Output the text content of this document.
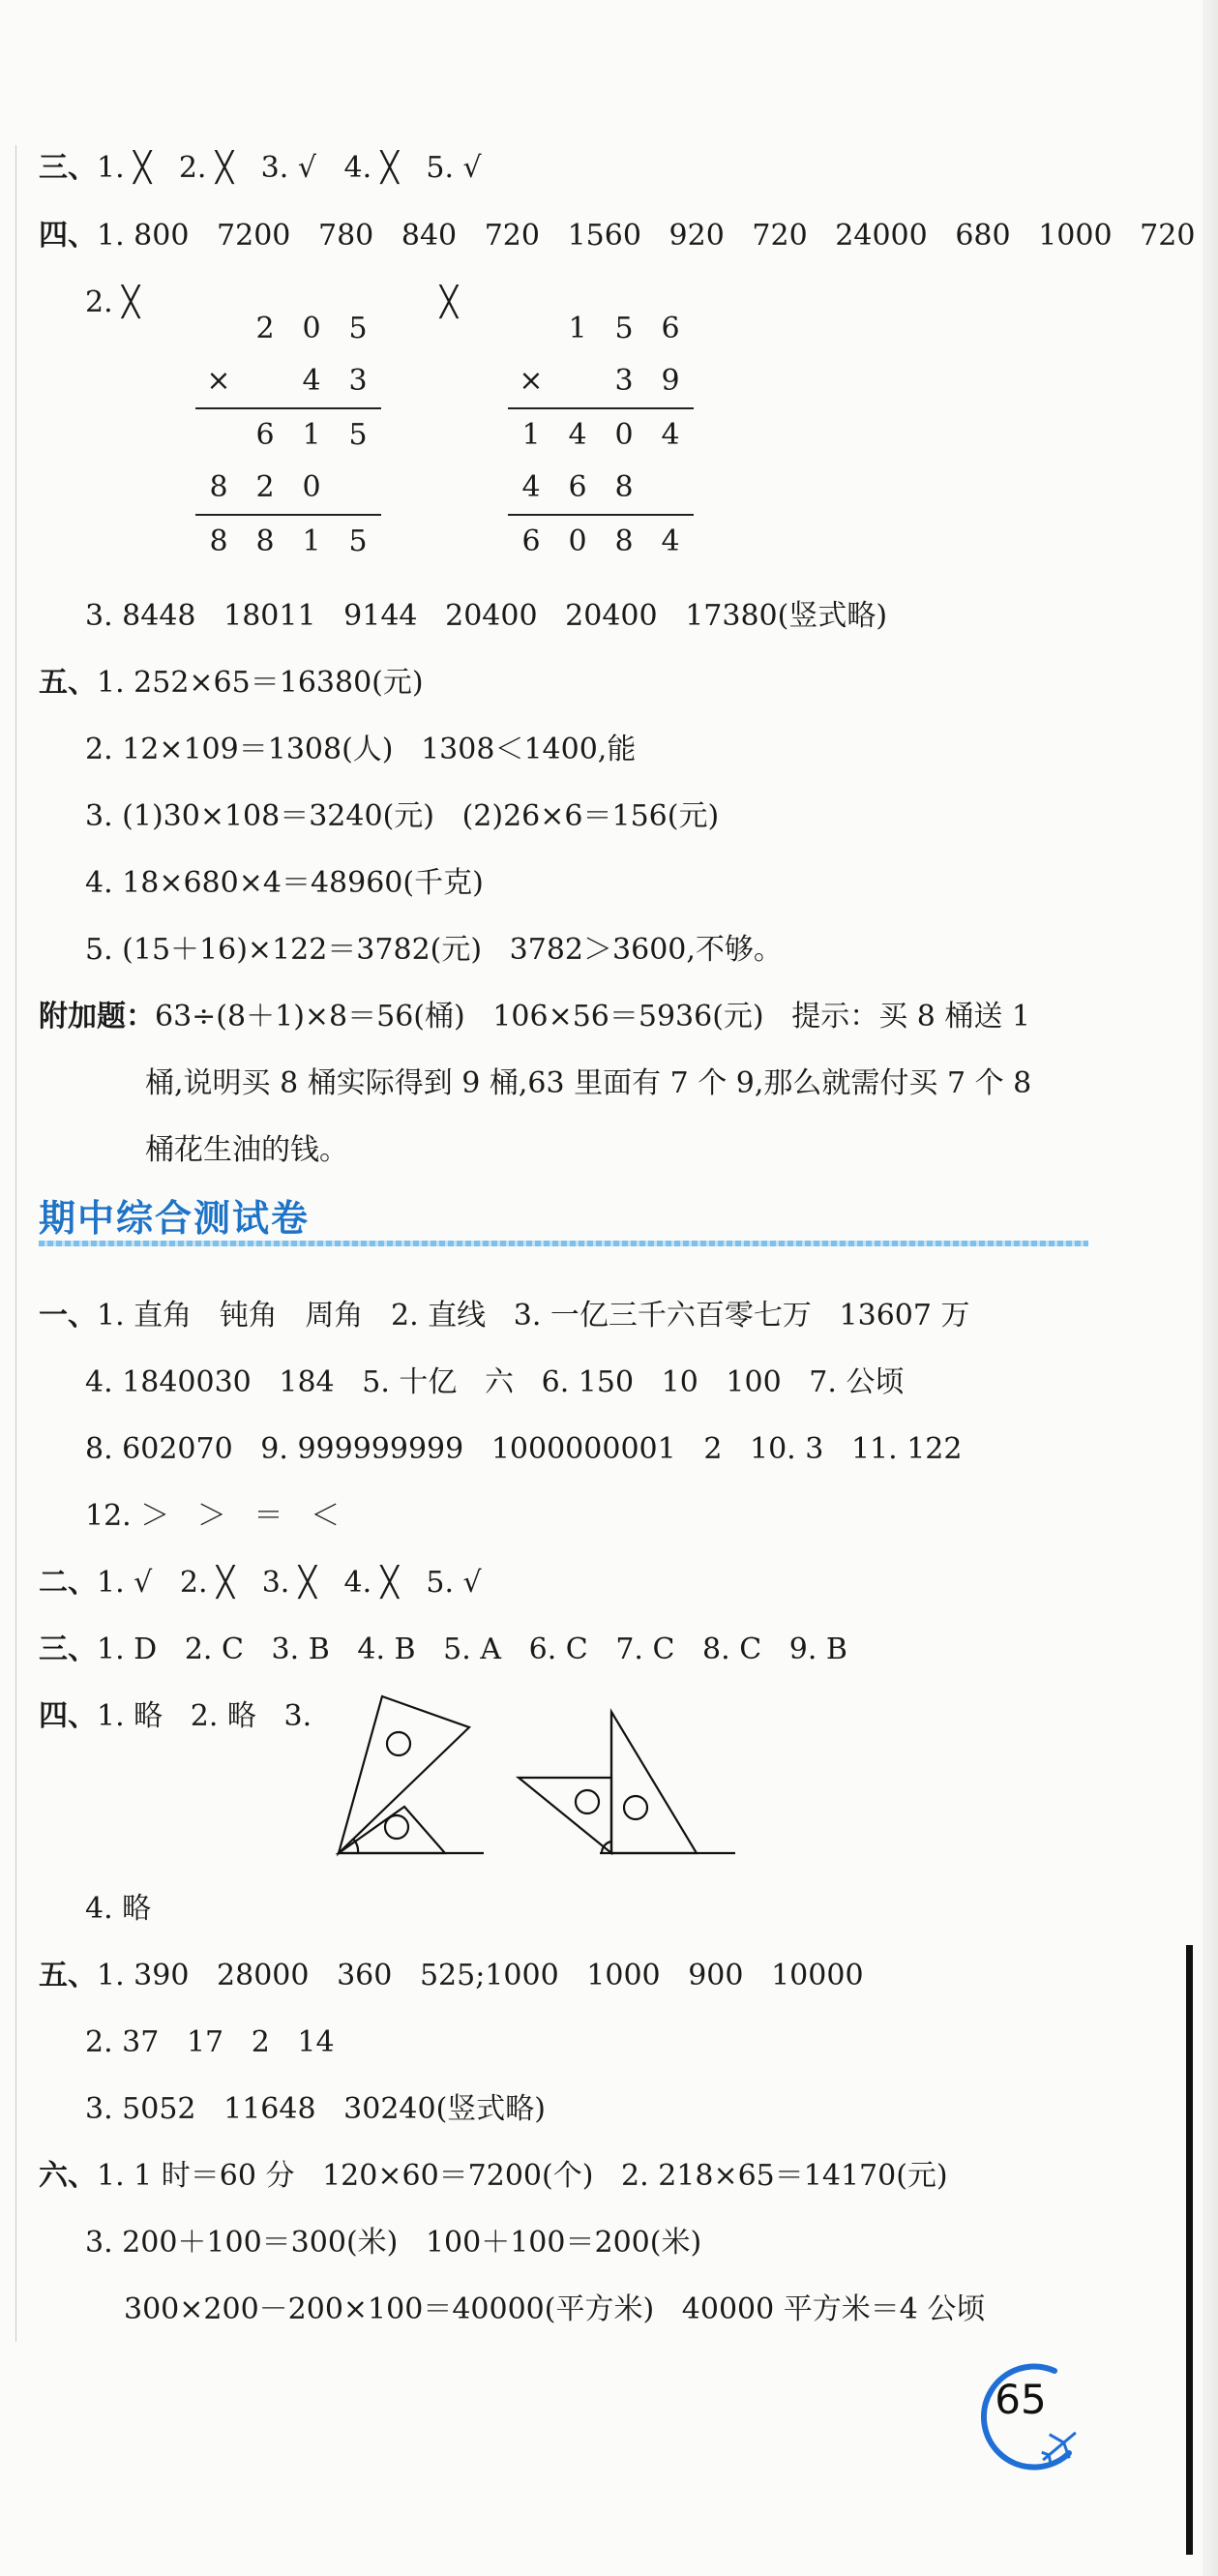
三、1. ╳   2. ╳   3. √   4. ╳   5. √
四、1. 800   7200   780   840   720   1560   920   720   24000   680   1000   720
2. ╳	╳
2 0 5
×	4 3
6 1 5
8 2 0
8 8 1 5
1 5 6
×	3 9
1 4 0 4
4 6 8
6 0 8 4
3. 8448   18011   9144   20400   20400   17380(竖式略)
五、1. 252×65＝16380(元)
2. 12×109＝1308(人)   1308＜1400,能
3. (1)30×108＝3240(元)   (2)26×6＝156(元)
4. 18×680×4＝48960(千克)
5. (15＋16)×122＝3782(元)   3782＞3600,不够。
附加题：63÷(8＋1)×8＝56(桶)   106×56＝5936(元)   提示：买 8 桶送 1
桶,说明买 8 桶实际得到 9 桶,63 里面有 7 个 9,那么就需付买 7 个 8
桶花生油的钱。
期中综合测试卷
一、1. 直角   钝角   周角   2. 直线   3. 一亿三千六百零七万   13607 万
4. 1840030   184   5. 十亿   六   6. 150   10   100   7. 公顷
8. 602070   9. 999999999   1000000001   2   10. 3   11. 122
12. ＞   ＞   ＝   ＜
二、1. √   2. ╳   3. ╳   4. ╳   5. √
三、1. D   2. C   3. B   4. B   5. A   6. C   7. C   8. C   9. B
四、1. 略   2. 略   3.
4. 略
五、1. 390   28000   360   525;1000   1000   900   10000
2. 37   17   2   14
3. 5052   11648   30240(竖式略)
六、1. 1 时＝60 分   120×60＝7200(个)   2. 218×65＝14170(元)
3. 200＋100＝300(米)   100＋100＝200(米)
300×200－200×100＝40000(平方米)   40000 平方米＝4 公顷
65
